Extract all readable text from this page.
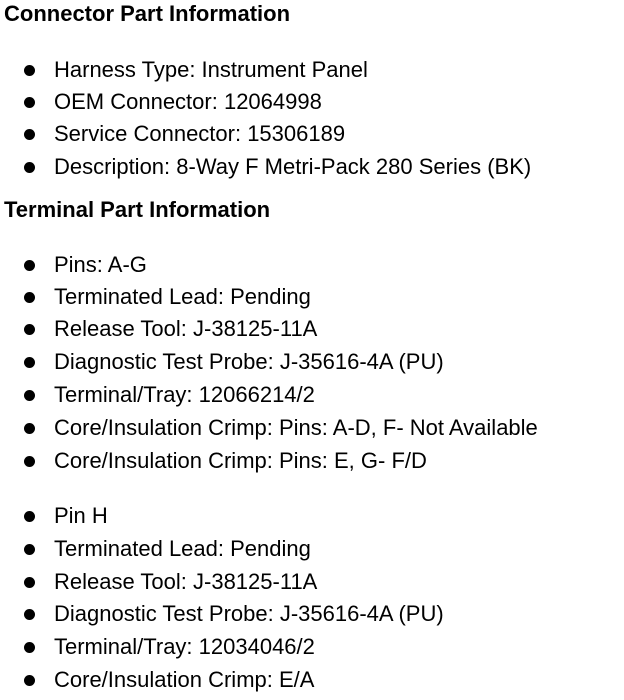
Connector Part Information
Harness Type: Instrument Panel
OEM Connector: 12064998
Service Connector: 15306189
Description: 8-Way F Metri-Pack 280 Series (BK)
Terminal Part Information
Pins: A-G
Terminated Lead: Pending
Release Tool: J-38125-11A
Diagnostic Test Probe: J-35616-4A (PU)
Terminal/Tray: 12066214/2
Core/Insulation Crimp: Pins: A-D, F- Not Available
Core/Insulation Crimp: Pins: E, G- F/D
Pin H
Terminated Lead: Pending
Release Tool: J-38125-11A
Diagnostic Test Probe: J-35616-4A (PU)
Terminal/Tray: 12034046/2
Core/Insulation Crimp: E/A
